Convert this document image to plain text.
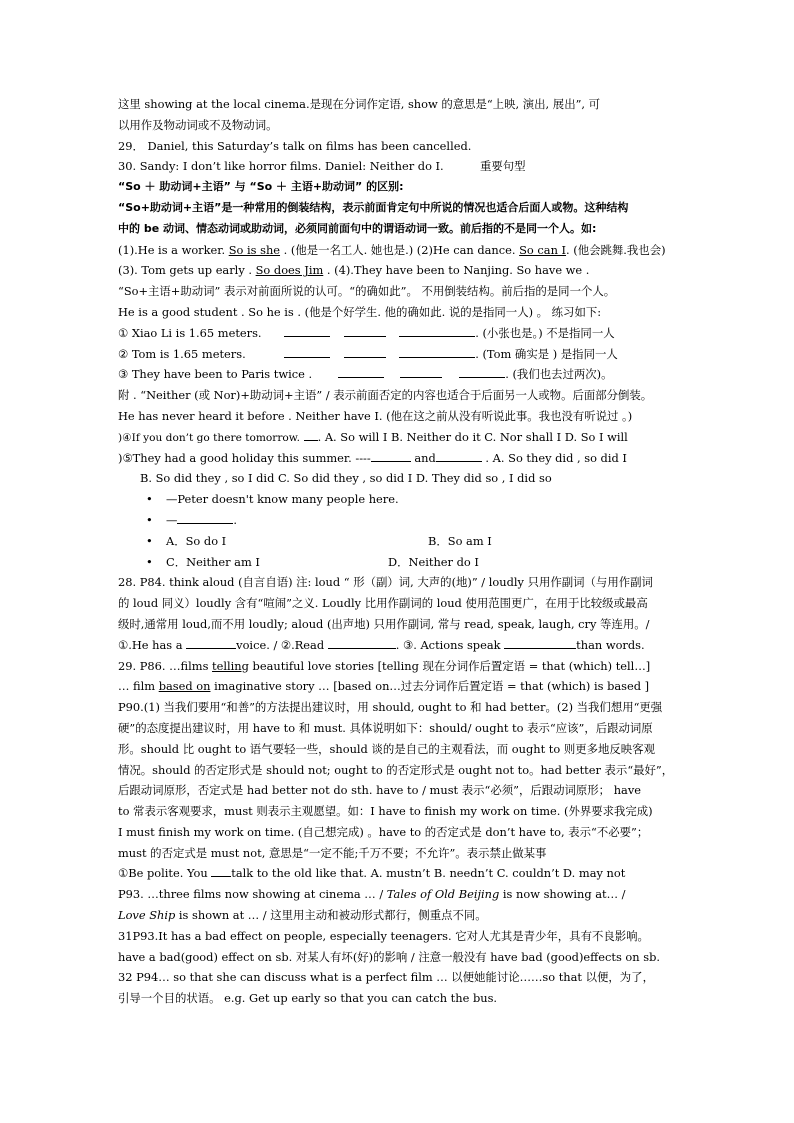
这里 showing at the local cinema.是现在分词作定语, show 的意思是“上映, 演出, 展出”, 可
以用作及物动词或不及物动词。
29． Daniel, this Saturday’s talk on films has been cancelled.
30. Sandy: I don’t like horror films. Daniel: Neither do I.	重要句型
“So ＋ 助动词+主语” 与 “So ＋ 主语+助动词” 的区别:
“So+助动词+主语”是一种常用的倒装结构，表示前面肯定句中所说的情况也适合后面人或物。这种结构
中的 be 动词、情态动词或助动词，必须同前面句中的谓语动词一致。前后指的不是同一个人。如:
(1).He is a worker. So is she . (他是一名工人. 她也是.) (2)He can dance. So can I. (他会跳舞.我也会)
(3). Tom gets up early . So does Jim . (4).They have been to Nanjing. So have we .
“So+主语+助动词” 表示对前面所说的认可。“的确如此”。 不用倒装结构。前后指的是同一个人。
He is a good student . So he is . (他是个好学生. 他的确如此. 说的是指同一人) 。 练习如下:
① Xiao Li is 1.65 meters.	. (小张也是。) 不是指同一人
② Tom is 1.65 meters.	. (Tom 确实是 ) 是指同一人
③ They have been to Paris twice .	. (我们也去过两次)。
附 . “Neither (或 Nor)+助动词+主语” / 表示前面否定的内容也适合于后面另一人或物。后面部分倒装。
He has never heard it before . Neither have I. (他在这之前从没有听说此事。我也没有听说过 。)
)④If you don’t go there tomorrow. . A. So will I B. Neither do it C. Nor shall I D. So I will
)⑤They had a good holiday this summer. ----	and	. A. So they did , so did I
B. So did they , so I did C. So did they , so did I D. They did so , I did so
• —Peter doesn't know many people here.
• —	.
• A．So do I	B．So am I
• C．Neither am I	D．Neither do I
28. P84. think aloud (自言自语) 注: loud “ 形（副）词, 大声的(地)” / loudly 只用作副词（与用作副词
的 loud 同义）loudly 含有“喧闹”之义. Loudly 比用作副词的 loud 使用范围更广，在用于比较级或最高
级时,通常用 loud,而不用 loudly; aloud (出声地) 只用作副词, 常与 read, speak, laugh, cry 等连用。/
①.He has a	voice. / ②.Read	. ③. Actions speak	than words.
29. P86. …films telling beautiful love stories [telling 现在分词作后置定语 = that (which) tell…]
… film based on imaginative story … [based on…过去分词作后置定语 = that (which) is based ]
P90.(1) 当我们要用“和善”的方法提出建议时，用 should, ought to 和 had better。(2) 当我们想用“更强
硬”的态度提出建议时，用 have to 和 must. 具体说明如下：should/ ought to 表示“应该”，后跟动词原
形。should 比 ought to 语气要轻一些，should 谈的是自己的主观看法，而 ought to 则更多地反映客观
情况。should 的否定形式是 should not; ought to 的否定形式是 ought not to。had better 表示“最好”，
后跟动词原形，否定式是 had better not do sth. have to / must 表示“必须”，后跟动词原形； have
to 常表示客观要求，must 则表示主观愿望。如：I have to finish my work on time. (外界要求我完成)
I must finish my work on time. (自己想完成) 。have to 的否定式是 don’t have to, 表示“不必要”；
must 的否定式是 must not, 意思是“一定不能;千万不要；不允许”。表示禁止做某事
①Be polite. You talk to the old like that. A. mustn’t B. needn’t C. couldn’t D. may not
P93. …three films now showing at cinema … / Tales of Old Beijing is now showing at… /
Love Ship is shown at … / 这里用主动和被动形式都行，侧重点不同。
31P93.It has a bad effect on people, especially teenagers. 它对人尤其是青少年，具有不良影响。
have a bad(good) effect on sb. 对某人有坏(好)的影响 / 注意一般没有 have bad (good)effects on sb.
32 P94… so that she can discuss what is a perfect film … 以便她能讨论……so that 以便，为了，
引导一个目的状语。 e.g. Get up early so that you can catch the bus.
